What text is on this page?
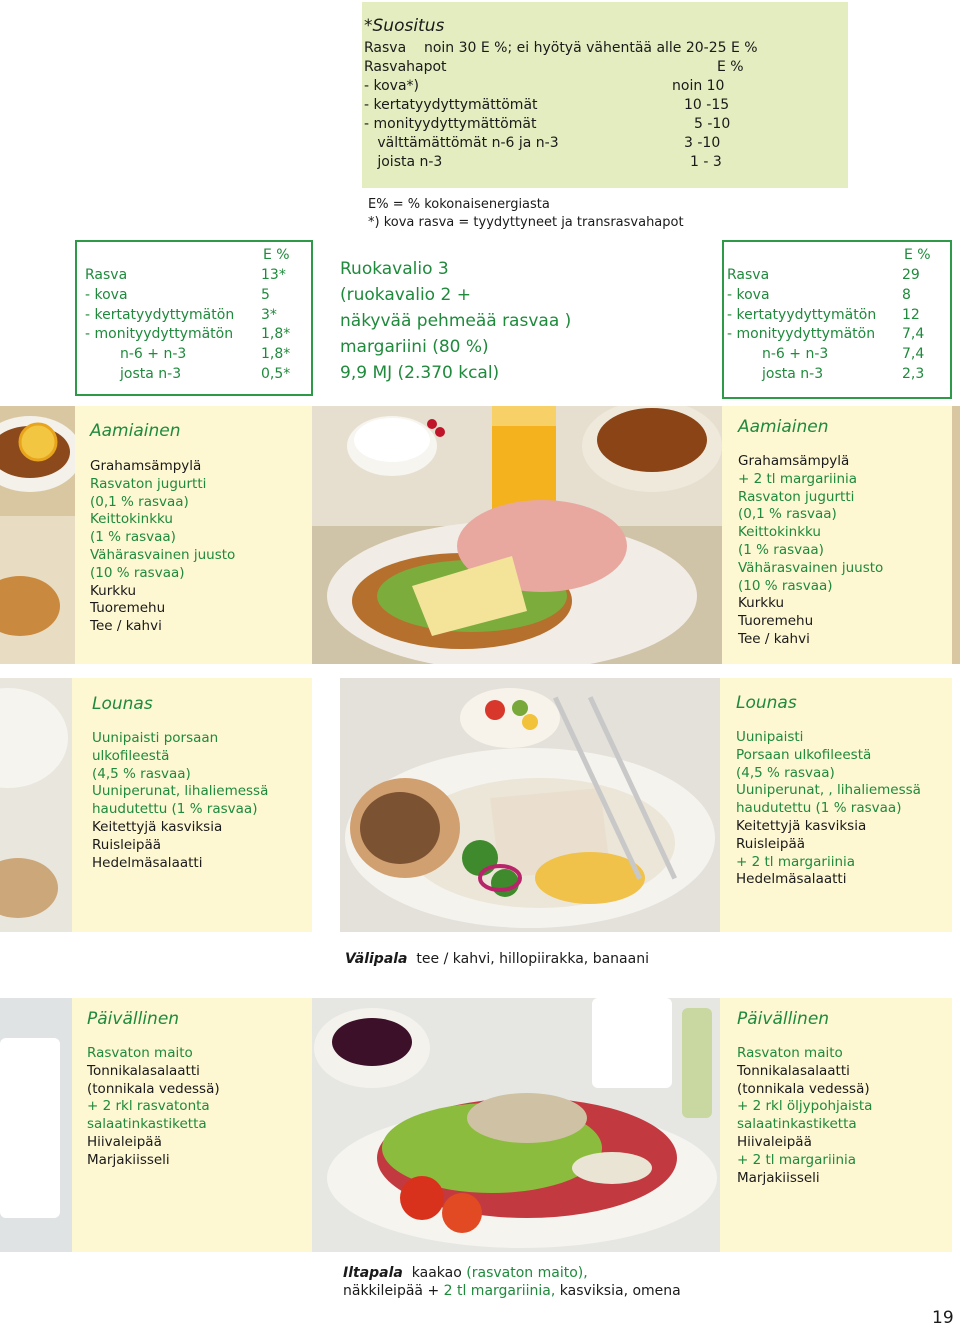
*Suositus
Rasva    noin 30 E %; ei hyötyä vähentää alle 20-25 E %
Rasvahapot	E %
- kova*)	noin 10
- kertatyydyttymättömät	10 -15
- monityydyttymättömät	5 -10
välttämättömät n-6 ja n-3	3 -10
joista n-3	1 - 3
E% = % kokonaisenergiasta
*) kova rasva = tyydyttyneet ja transrasvahapot
E %
Rasva	13*
- kova	5
- kertatyydyttymätön 3*
- monityydyttymätön 1,8*
n-6 + n-3	1,8*
josta n-3	0,5*
Ruokavalio 3
(ruokavalio 2 +
näkyvää pehmeää rasvaa )
margariini (80 %)
9,9 MJ (2.370 kcal)
E %
Rasva	29
- kova	8
- kertatyydyttymätön 12
- monityydyttymätön 7,4
n-6 + n-3	7,4
josta n-3	2,3
Aamiainen
Grahamsämpylä
Rasvaton jugurtti
(0,1 % rasvaa)
Keittokinkku
(1 % rasvaa)
Vähärasvainen juusto
(10 % rasvaa)
Kurkku
Tuoremehu
Tee / kahvi
Aamiainen
Grahamsämpylä
+ 2 tl margariinia
Rasvaton jugurtti
(0,1 % rasvaa)
Keittokinkku
(1 % rasvaa)
Vähärasvainen juusto
(10 % rasvaa)
Kurkku
Tuoremehu
Tee / kahvi
Lounas
Uunipaisti porsaan
ulkofileestä
(4,5 % rasvaa)
Uuniperunat, lihaliemessä
haudutettu (1 % rasvaa)
Keitettyjä kasviksia
Ruisleipää
Hedelmäsalaatti
Lounas
Uunipaisti
Porsaan ulkofileestä
(4,5 % rasvaa)
Uuniperunat, , lihaliemessä
haudutettu (1 % rasvaa)
Keitettyjä kasviksia
Ruisleipää
+ 2 tl margariinia
Hedelmäsalaatti
Välipala tee / kahvi, hillopiirakka, banaani
Päivällinen
Rasvaton maito
Tonnikalasalaatti
(tonnikala vedessä)
+ 2 rkl rasvatonta
salaatinkastiketta
Hiivaleipää
Marjakiisseli
Päivällinen
Rasvaton maito
Tonnikalasalaatti
(tonnikala vedessä)
+ 2 rkl öljypohjaista
salaatinkastiketta
Hiivaleipää
+ 2 tl margariinia
Marjakiisseli
Iltapala kaakao (rasvaton maito),
näkkileipää + 2 tl margariinia, kasviksia, omena
19
